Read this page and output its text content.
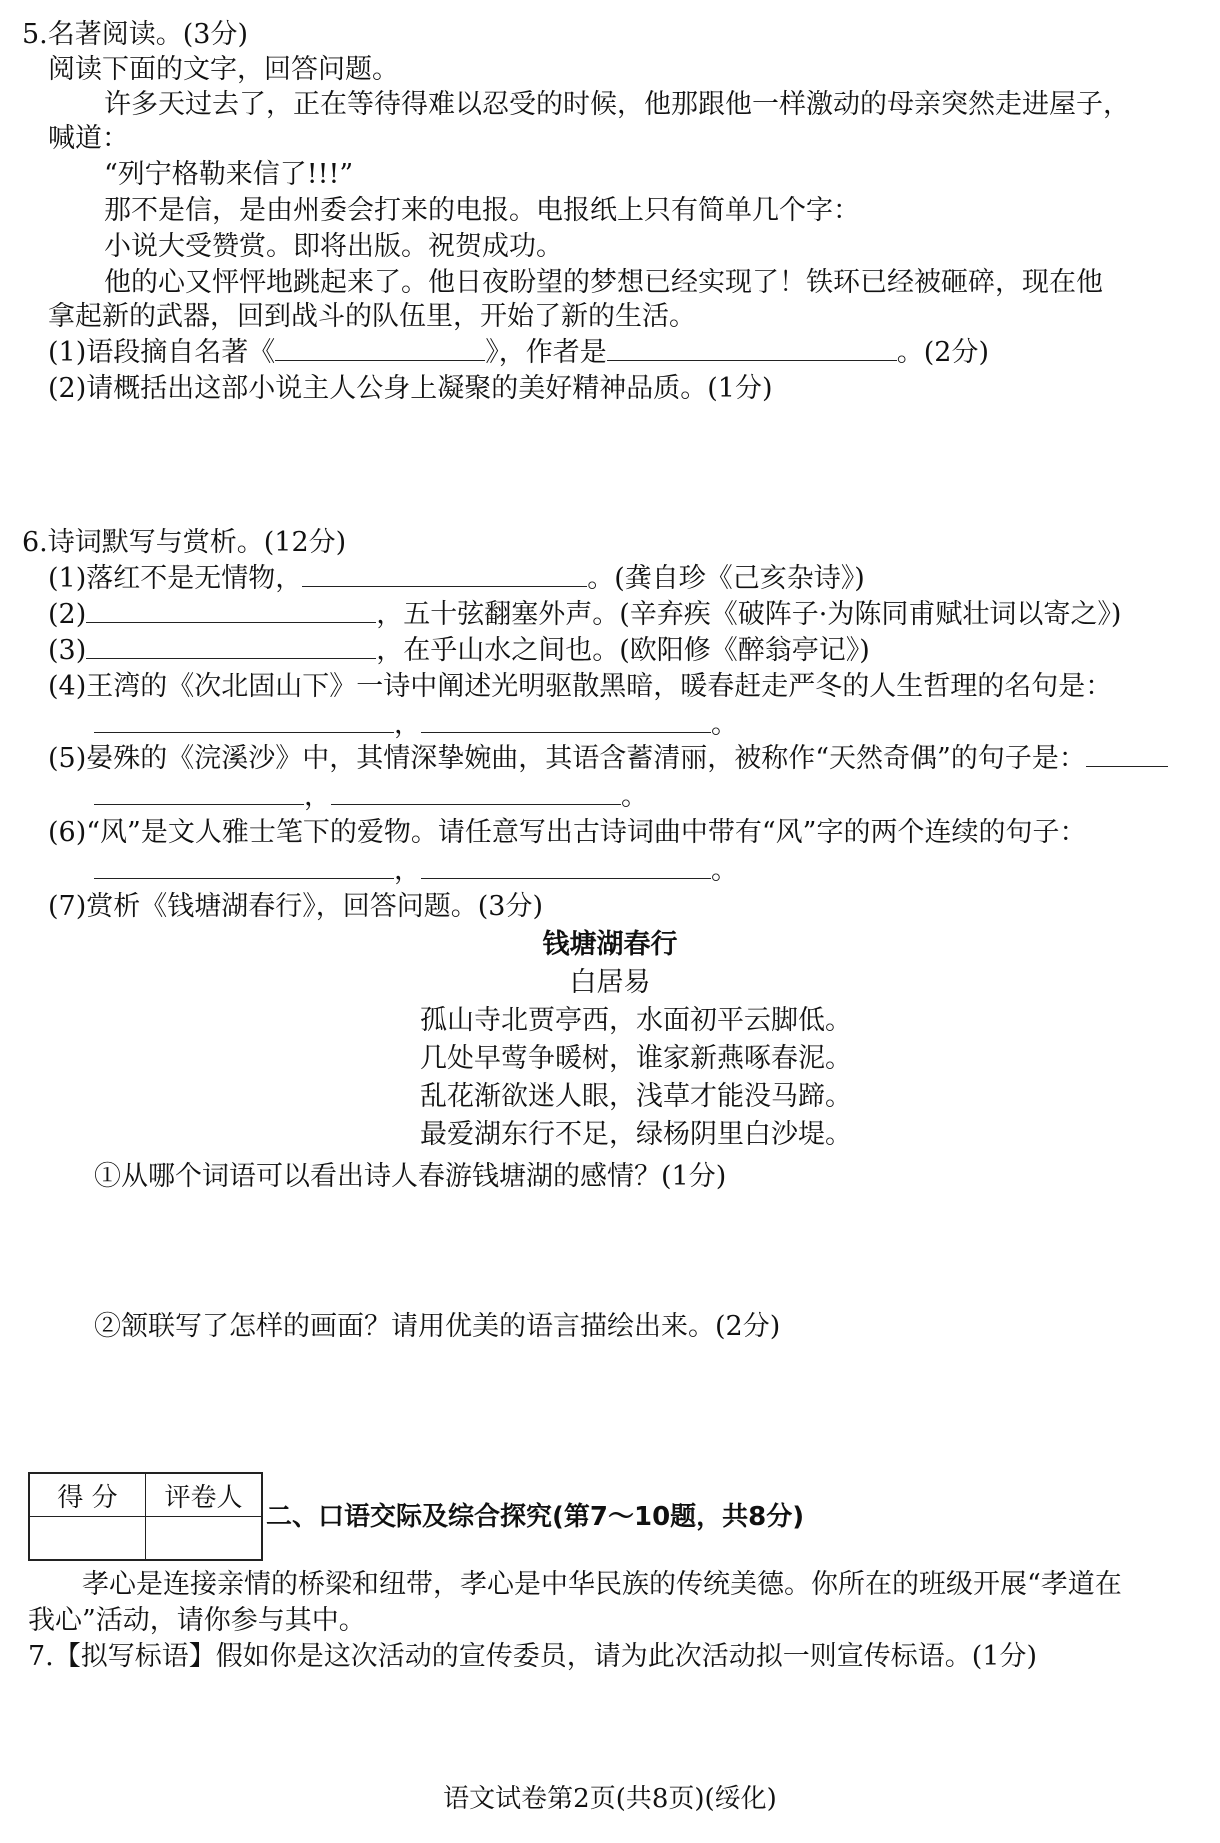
5.名著阅读。(3分)
阅读下面的文字，回答问题。
许多天过去了，正在等待得难以忍受的时候，他那跟他一样激动的母亲突然走进屋子，
喊道：
“列宁格勒来信了!!!”
那不是信，是由州委会打来的电报。电报纸上只有简单几个字：
小说大受赞赏。即将出版。祝贺成功。
他的心又怦怦地跳起来了。他日夜盼望的梦想已经实现了！铁环已经被砸碎，现在他
拿起新的武器，回到战斗的队伍里，开始了新的生活。
(1)语段摘自名著《	》，作者是	。(2分)
(2)请概括出这部小说主人公身上凝聚的美好精神品质。(1分)
6.诗词默写与赏析。(12分)
(1)落红不是无情物，	。(龚自珍《己亥杂诗》)
(2)	，五十弦翻塞外声。(辛弃疾《破阵子·为陈同甫赋壮词以寄之》)
(3)	，在乎山水之间也。(欧阳修《醉翁亭记》)
(4)王湾的《次北固山下》一诗中阐述光明驱散黑暗，暖春赶走严冬的人生哲理的名句是：
，	。
(5)晏殊的《浣溪沙》中，其情深挚婉曲，其语含蓄清丽，被称作“天然奇偶”的句子是：
，	。
(6)“风”是文人雅士笔下的爱物。请任意写出古诗词曲中带有“风”字的两个连续的句子：
，	。
(7)赏析《钱塘湖春行》，回答问题。(3分)
钱塘湖春行
白居易
孤山寺北贾亭西，水面初平云脚低。
几处早莺争暖树，谁家新燕啄春泥。
乱花渐欲迷人眼，浅草才能没马蹄。
最爱湖东行不足，绿杨阴里白沙堤。
①从哪个词语可以看出诗人春游钱塘湖的感情？(1分)
②颔联写了怎样的画面？请用优美的语言描绘出来。(2分)
得 分	评卷人

二、口语交际及综合探究(第7～10题，共8分)
孝心是连接亲情的桥梁和纽带，孝心是中华民族的传统美德。你所在的班级开展“孝道在
我心”活动，请你参与其中。
7.【拟写标语】假如你是这次活动的宣传委员，请为此次活动拟一则宣传标语。(1分)
语文试卷第2页(共8页)(绥化)
